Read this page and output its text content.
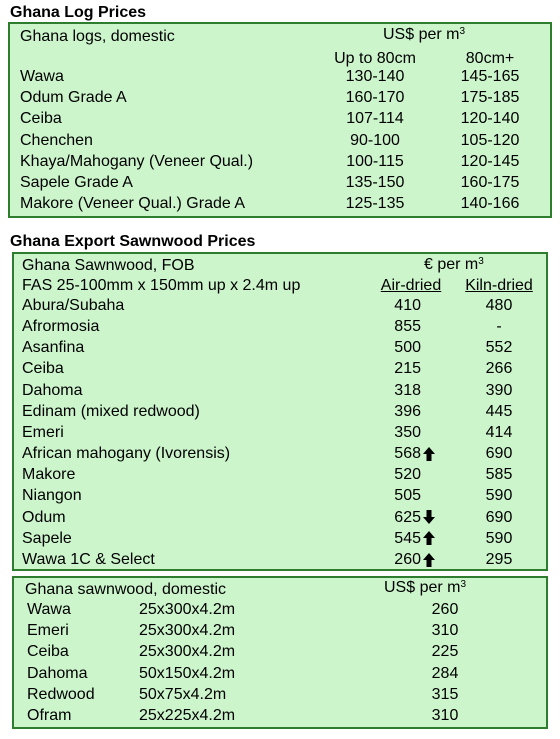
Ghana Log Prices
Ghana logs, domestic	US$ per $m^3$
Up to 80cm	80cm+
Wawa	130-140	145-165
Odum Grade A	160-170	175-185
Ceiba	107-114	120-140
Chenchen	90-100	105-120
Khaya/Mahogany (Veneer Qual.)	100-115	120-145
Sapele Grade A	135-150	160-175
Makore (Veneer Qual.) Grade A	125-135	140-166
Ghana Export Sawnwood Prices
Ghana Sawnwood, FOB	€ per $m^3$
FAS 25-100mm x 150mm up x 2.4m up	Air-dried	Kiln-dried
Abura/Subaha	410	480
Afrormosia	855	-
Asanfina	500	552
Ceiba	215	266
Dahoma	318	390
Edinam (mixed redwood)	396	445
Emeri	350	414
African mahogany (Ivorensis)	568	690
Makore	520	585
Niangon	505	590
Odum	625	690
Sapele	545	590
Wawa 1C & Select	260	295
Ghana sawnwood, domestic	US$ per $m^3$
Wawa	25x300x4.2m	260
Emeri	25x300x4.2m	310
Ceiba	25x300x4.2m	225
Dahoma	50x150x4.2m	284
Redwood	50x75x4.2m	315
Ofram	25x225x4.2m	310
